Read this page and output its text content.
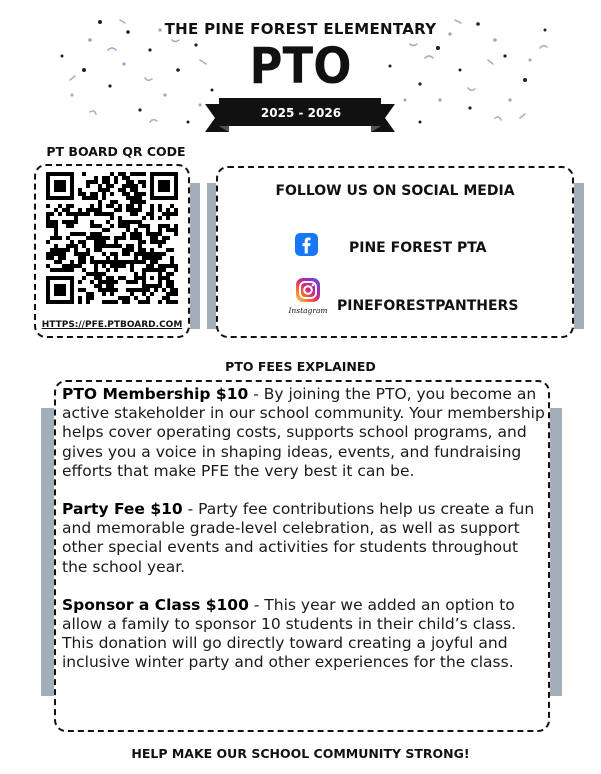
THE PINE FOREST ELEMENTARY
PTO
2025 - 2026
PT BOARD QR CODE
HTTPS://PFE.PTBOARD.COM
FOLLOW US ON SOCIAL MEDIA
PINE FOREST PTA
Instagram PINEFORESTPANTHERS
PTO FEES EXPLAINED

PTO Membership $10 - By joining the PTO, you become an active stakeholder in our school community. Your membership helps cover operating costs, supports school programs, and gives you a voice in shaping ideas, events, and fundraising efforts that make PFE the very best it can be.

Party Fee $10 - Party fee contributions help us create a fun and memorable grade-level celebration, as well as support other special events and activities for students throughout the school year.

Sponsor a Class $100 - This year we added an option to allow a family to sponsor 10 students in their child’s class. This donation will go directly toward creating a joyful and inclusive winter party and other experiences for the class.

HELP MAKE OUR SCHOOL COMMUNITY STRONG!
